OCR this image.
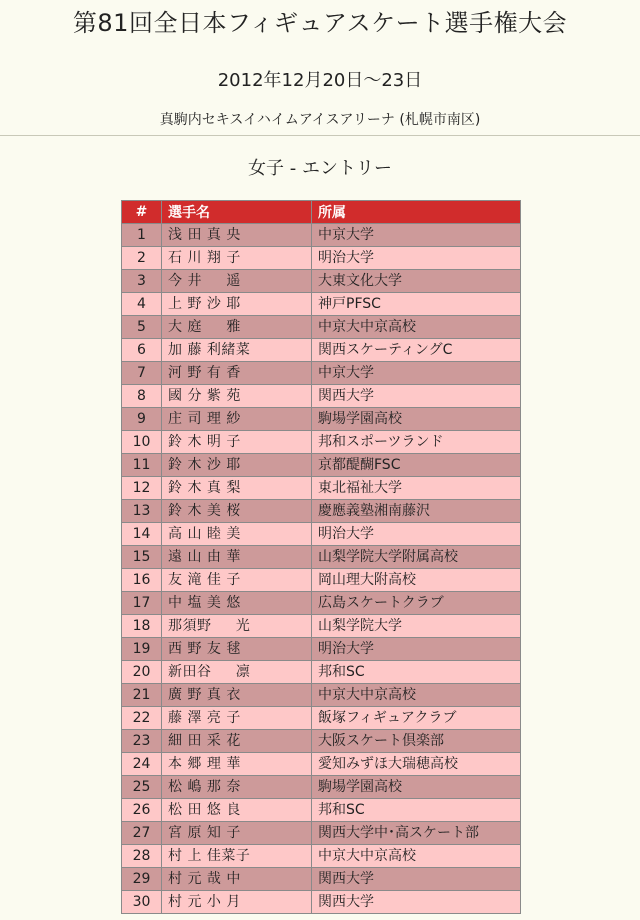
第81回全日本フィギュアスケート選手権大会
2012年12月20日～23日
真駒内セキスイハイムアイスアリーナ (札幌市南区)
女子 - エントリー
#	選手名	所属
1	浅 田 真 央	中京大学
2	石 川 翔 子	明治大学
3	今 井 　 遥	大東文化大学
4	上 野 沙 耶	神戸PFSC
5	大 庭 　 雅	中京大中京高校
6	加 藤 利緒菜	関西スケーティングC
7	河 野 有 香	中京大学
8	國 分 紫 苑	関西大学
9	庄 司 理 紗	駒場学園高校
10	鈴 木 明 子	邦和スポーツランド
11	鈴 木 沙 耶	京都醍醐FSC
12	鈴 木 真 梨	東北福祉大学
13	鈴 木 美 桜	慶應義塾湘南藤沢
14	高 山 睦 美	明治大学
15	遠 山 由 華	山梨学院大学附属高校
16	友 滝 佳 子	岡山理大附高校
17	中 塩 美 悠	広島スケートクラブ
18	那須野 　 光	山梨学院大学
19	西 野 友 毬	明治大学
20	新田谷 　 凛	邦和SC
21	廣 野 真 衣	中京大中京高校
22	藤 澤 亮 子	飯塚フィギュアクラブ
23	細 田 采 花	大阪スケート倶楽部
24	本 郷 理 華	愛知みずほ大瑞穂高校
25	松 嶋 那 奈	駒場学園高校
26	松 田 悠 良	邦和SC
27	宮 原 知 子	関西大学中･高スケート部
28	村 上 佳菜子	中京大中京高校
29	村 元 哉 中	関西大学
30	村 元 小 月	関西大学
